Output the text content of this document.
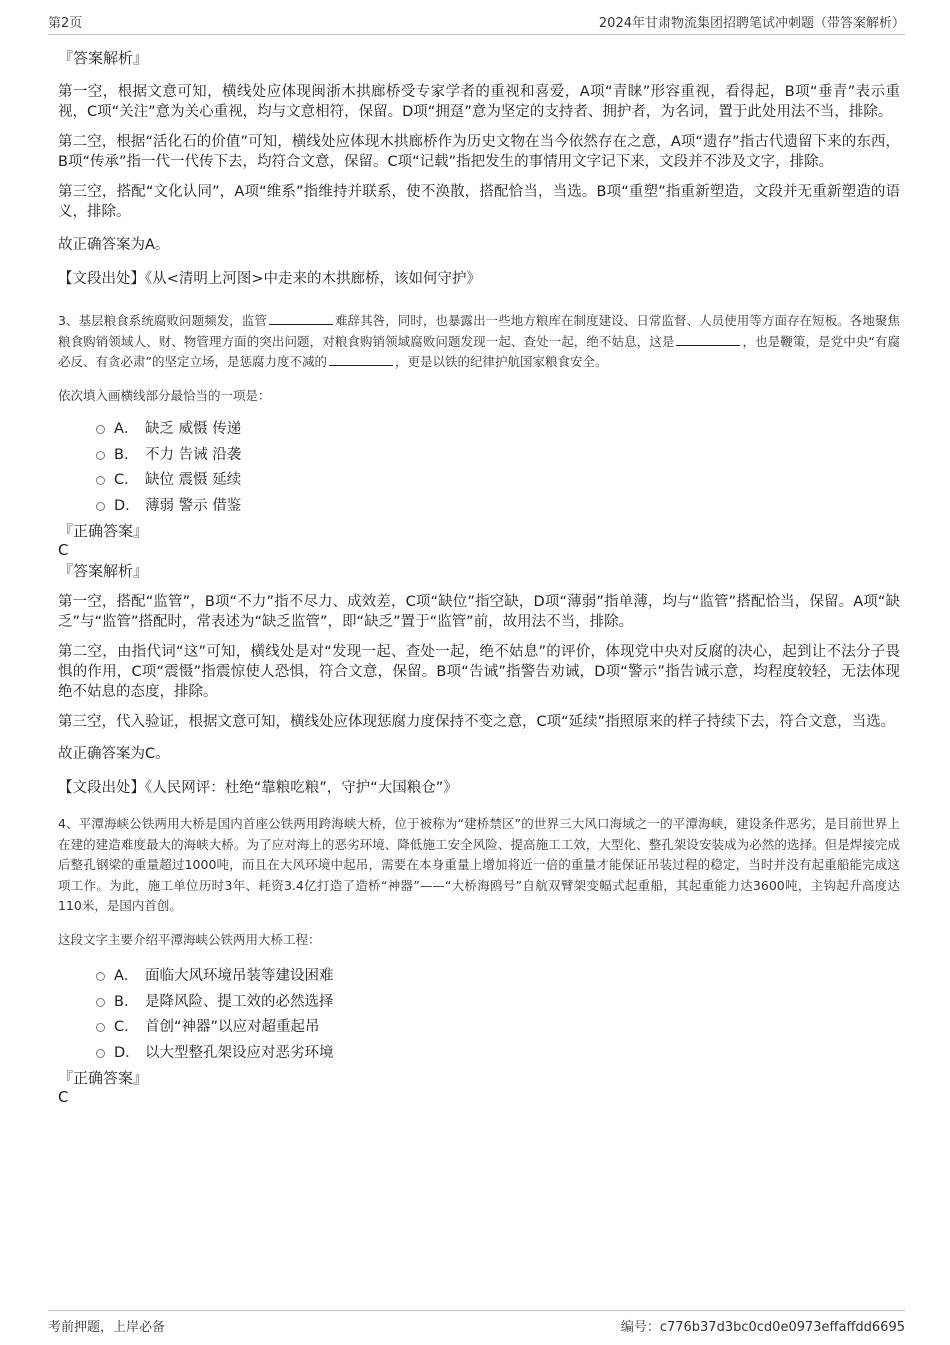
第2页	2024年甘肃物流集团招聘笔试冲刺题（带答案解析）
『答案解析』

第一空，根据文意可知，横线处应体现闽浙木拱廊桥受专家学者的重视和喜爱，A项“青睐”形容重视，看得起，B项“垂青”表示重视，C项“关注”意为关心重视，均与文意相符，保留。D项“拥趸”意为坚定的支持者、拥护者，为名词，置于此处用法不当，排除。

第二空，根据“活化石的价值”可知，横线处应体现木拱廊桥作为历史文物在当今依然存在之意，A项“遗存”指古代遗留下来的东西，B项“传承”指一代一代传下去，均符合文意，保留。C项“记载”指把发生的事情用文字记下来，文段并不涉及文字，排除。

第三空，搭配“文化认同”，A项“维系”指维持并联系，使不涣散，搭配恰当，当选。B项“重塑”指重新塑造，文段并无重新塑造的语义，排除。

故正确答案为A。

【文段出处】《从<清明上河图>中走来的木拱廊桥，该如何守护》

3、基层粮食系统腐败问题频发，监管	难辞其咎，同时，也暴露出一些地方粮库在制度建设、日常监督、人员使用等方面存在短板。各地聚焦粮食购销领域人、财、物管理方面的突出问题，对粮食购销领域腐败问题发现一起、查处一起，绝不姑息，这是	，也是鞭策，是党中央“有腐必反、有贪必肃”的坚定立场，是惩腐力度不减的	，更是以铁的纪律护航国家粮食安全。

依次填入画横线部分最恰当的一项是：

A． 缺乏 威慑 传递
B． 不力 告诫 沿袭
C． 缺位 震慑 延续
D． 薄弱 警示 借鉴
『正确答案』
C
『答案解析』

第一空，搭配“监管”，B项“不力”指不尽力、成效差，C项“缺位”指空缺，D项“薄弱”指单薄，均与“监管”搭配恰当，保留。A项“缺乏”与“监管”搭配时，常表述为“缺乏监管”，即“缺乏”置于“监管”前，故用法不当，排除。

第二空，由指代词“这”可知，横线处是对“发现一起、查处一起，绝不姑息”的评价，体现党中央对反腐的决心，起到让不法分子畏惧的作用，C项“震慑”指震惊使人恐惧，符合文意，保留。B项“告诫”指警告劝诫，D项“警示”指告诫示意，均程度较轻，无法体现绝不姑息的态度，排除。

第三空，代入验证，根据文意可知，横线处应体现惩腐力度保持不变之意，C项“延续”指照原来的样子持续下去，符合文意，当选。

故正确答案为C。

【文段出处】《人民网评：杜绝“靠粮吃粮”，守护“大国粮仓”》

4、平潭海峡公铁两用大桥是国内首座公铁两用跨海峡大桥，位于被称为“建桥禁区”的世界三大风口海域之一的平潭海峡，建设条件恶劣，是目前世界上在建的建造难度最大的海峡大桥。为了应对海上的恶劣环境、降低施工安全风险、提高施工工效，大型化、整孔架设安装成为必然的选择。但是焊接完成后整孔钢梁的重量超过1000吨，而且在大风环境中起吊，需要在本身重量上增加将近一倍的重量才能保证吊装过程的稳定，当时并没有起重船能完成这项工作。为此，施工单位历时3年、耗资3.4亿打造了造桥“神器”——“大桥海鸥号”自航双臂架变幅式起重船，其起重能力达3600吨，主钩起升高度达110米，是国内首创。

这段文字主要介绍平潭海峡公铁两用大桥工程：

A． 面临大风环境吊装等建设困难
B． 是降风险、提工效的必然选择
C． 首创“神器”以应对超重起吊
D． 以大型整孔架设应对恶劣环境
『正确答案』
C
考前押题，上岸必备	编号：c776b37d3bc0cd0e0973effaffdd6695
